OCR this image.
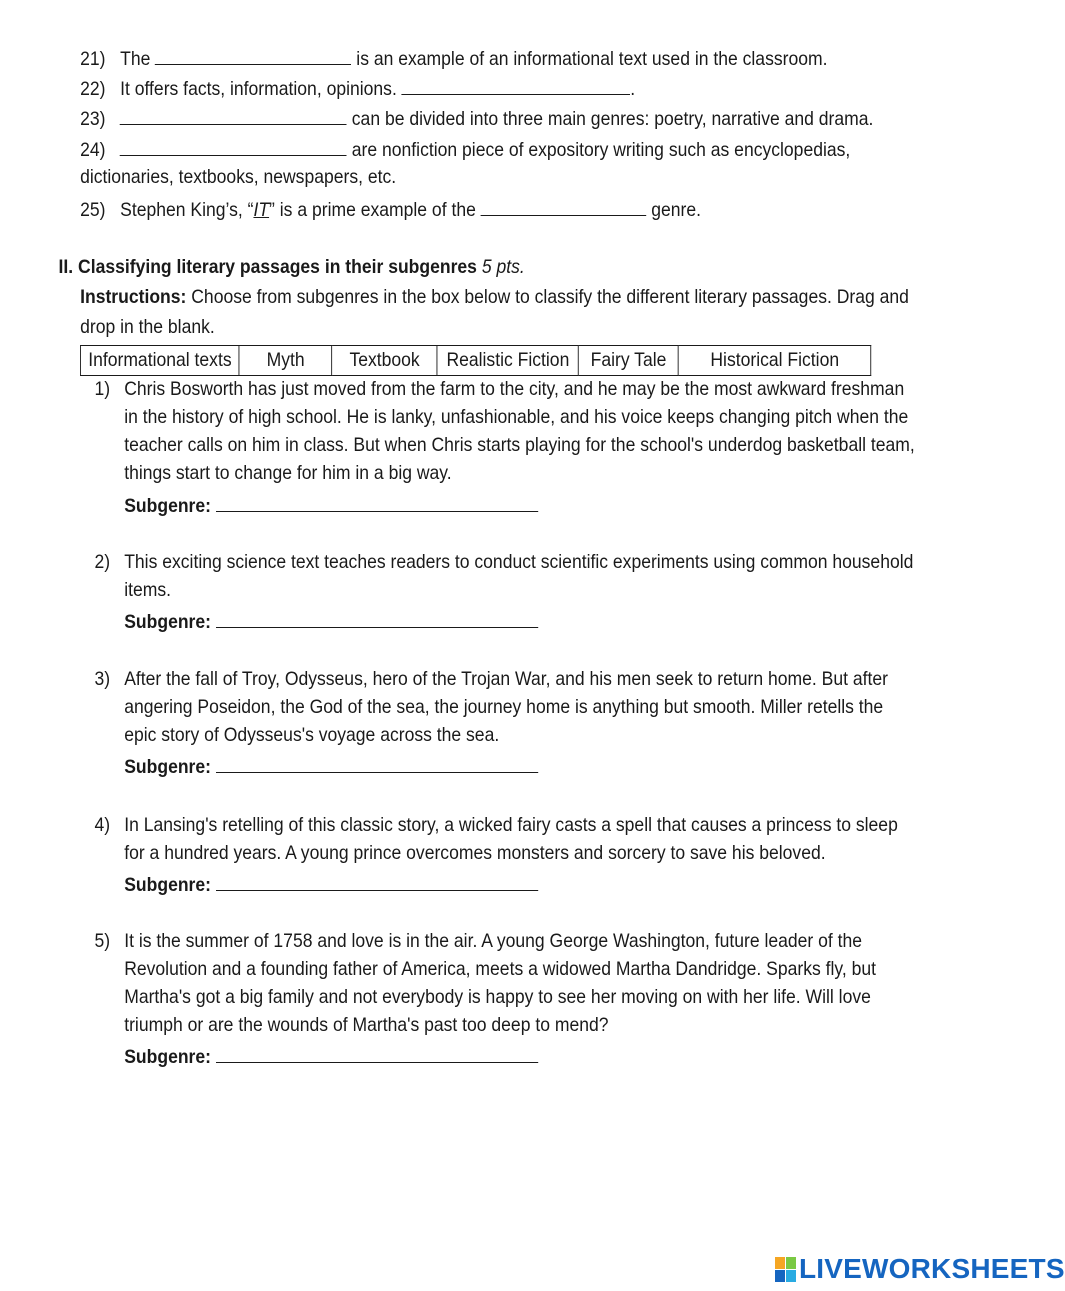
21) The	is an example of an informational text used in the classroom.
22) It offers facts, information, opinions.	.
23)	can be divided into three main genres: poetry, narrative and drama.
24)	are nonfiction piece of expository writing such as encyclopedias,
dictionaries, textbooks, newspapers, etc.
25) Stephen King’s, “IT” is a prime example of the	genre.
II. Classifying literary passages in their subgenres 5 pts.
Instructions: Choose from subgenres in the box below to classify the different literary passages. Drag and
drop in the blank.
Informational texts	Myth	Textbook	Realistic Fiction	Fairy Tale	Historical Fiction
1) Chris Bosworth has just moved from the farm to the city, and he may be the most awkward freshman
in the history of high school. He is lanky, unfashionable, and his voice keeps changing pitch when the
teacher calls on him in class. But when Chris starts playing for the school's underdog basketball team,
things start to change for him in a big way.
Subgenre:
2) This exciting science text teaches readers to conduct scientific experiments using common household
items.
Subgenre:
3) After the fall of Troy, Odysseus, hero of the Trojan War, and his men seek to return home. But after
angering Poseidon, the God of the sea, the journey home is anything but smooth. Miller retells the
epic story of Odysseus's voyage across the sea.
Subgenre:
4) In Lansing's retelling of this classic story, a wicked fairy casts a spell that causes a princess to sleep
for a hundred years. A young prince overcomes monsters and sorcery to save his beloved.
Subgenre:
5) It is the summer of 1758 and love is in the air. A young George Washington, future leader of the
Revolution and a founding father of America, meets a widowed Martha Dandridge. Sparks fly, but
Martha's got a big family and not everybody is happy to see her moving on with her life. Will love
triumph or are the wounds of Martha's past too deep to mend?
Subgenre:
LIVEWORKSHEETS
